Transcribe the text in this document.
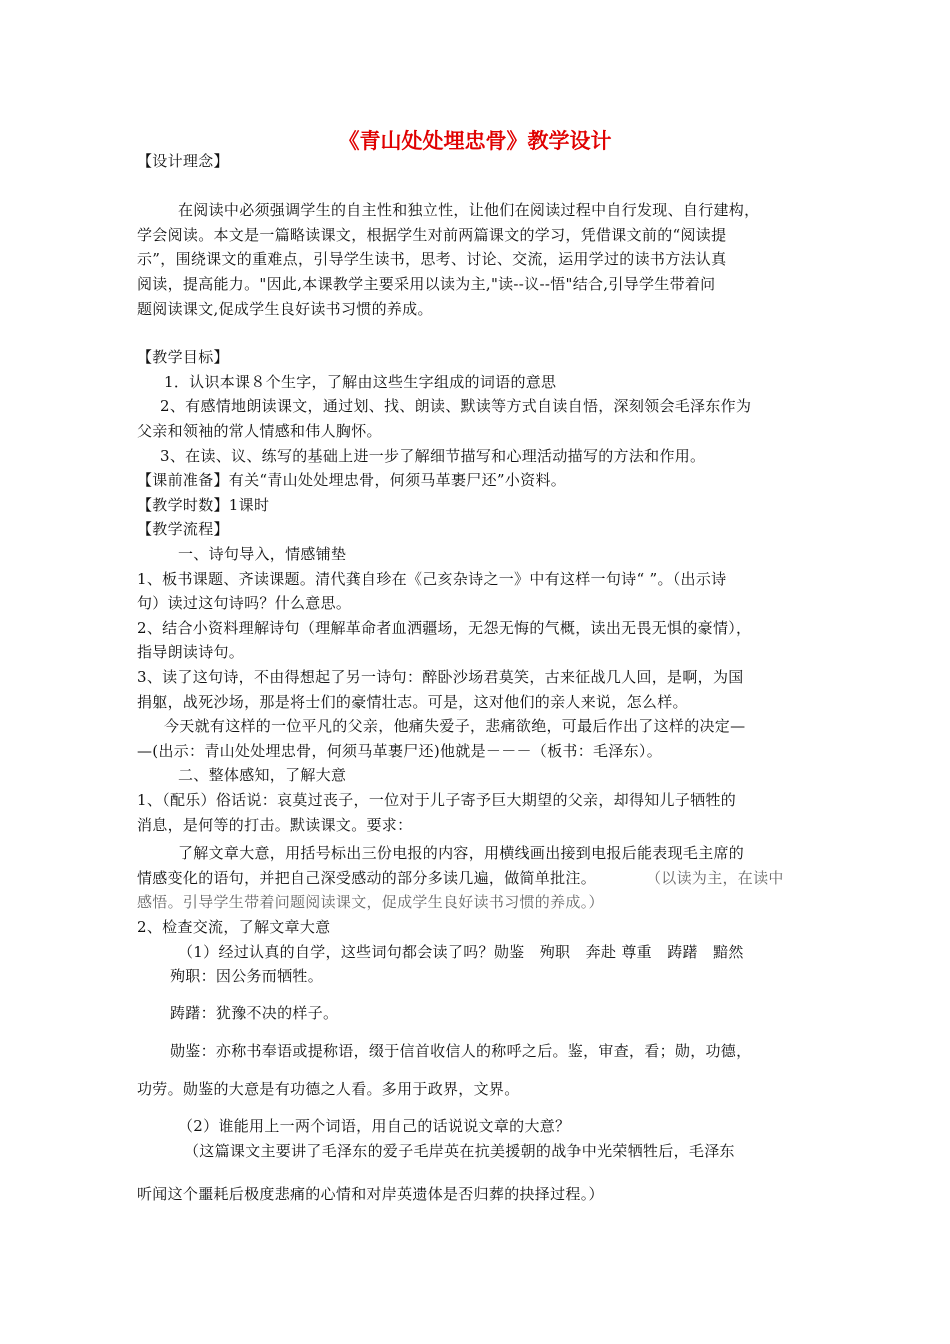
《青山处处埋忠骨》教学设计
【设计理念】
在阅读中必须强调学生的自主性和独立性，让他们在阅读过程中自行发现、自行建构，
学会阅读。本文是一篇略读课文，根据学生对前两篇课文的学习，凭借课文前的“阅读提
示”，围绕课文的重难点，引导学生读书，思考、讨论、交流，运用学过的读书方法认真
阅读，提高能力。"因此,本课教学主要采用以读为主,"读--议--悟"结合,引导学生带着问
题阅读课文,促成学生良好读书习惯的养成。
【教学目标】
1．认识本课８个生字，了解由这些生字组成的词语的意思
2、有感情地朗读课文，通过划、找、朗读、默读等方式自读自悟，深刻领会毛泽东作为
父亲和领袖的常人情感和伟人胸怀。
3、在读、议、练写的基础上进一步了解细节描写和心理活动描写的方法和作用。
【课前准备】有关“青山处处埋忠骨，何须马革裹尸还”小资料。
【教学时数】1课时
【教学流程】
一、诗句导入，情感铺垫
1、板书课题、齐读课题。清代龚自珍在《己亥杂诗之一》中有这样一句诗“ ”。（出示诗
句）读过这句诗吗？什么意思。
2、结合小资料理解诗句（理解革命者血洒疆场，无怨无悔的气概，读出无畏无惧的豪情），
指导朗读诗句。
3、读了这句诗，不由得想起了另一诗句：醉卧沙场君莫笑，古来征战几人回，是啊，为国
捐躯，战死沙场，那是将士们的豪情壮志。可是，这对他们的亲人来说，怎么样。
今天就有这样的一位平凡的父亲，他痛失爱子，悲痛欲绝，可最后作出了这样的决定—
—(出示：青山处处埋忠骨，何须马革裹尸还)他就是－－－（板书：毛泽东）。
二、整体感知，了解大意
1、（配乐）俗话说：哀莫过丧子，一位对于儿子寄予巨大期望的父亲，却得知儿子牺牲的
消息，是何等的打击。默读课文。要求：
了解文章大意，用括号标出三份电报的内容，用横线画出接到电报后能表现毛主席的
情感变化的语句，并把自己深受感动的部分多读几遍，做简单批注。	（以读为主，在读中
感悟。引导学生带着问题阅读课文，促成学生良好读书习惯的养成。）
2、检查交流，了解文章大意
（1）经过认真的自学，这些词句都会读了吗？勋鉴　殉职　奔赴 尊重　踌躇　黯然
殉职：因公务而牺牲。
踌躇：犹豫不决的样子。
勋鉴：亦称书奉语或提称语，缀于信首收信人的称呼之后。鉴，审查，看；勋，功德，
功劳。勋鉴的大意是有功德之人看。多用于政界，文界。
（2）谁能用上一两个词语，用自己的话说说文章的大意？
（这篇课文主要讲了毛泽东的爱子毛岸英在抗美援朝的战争中光荣牺牲后，毛泽东
听闻这个噩耗后极度悲痛的心情和对岸英遗体是否归葬的抉择过程。）
